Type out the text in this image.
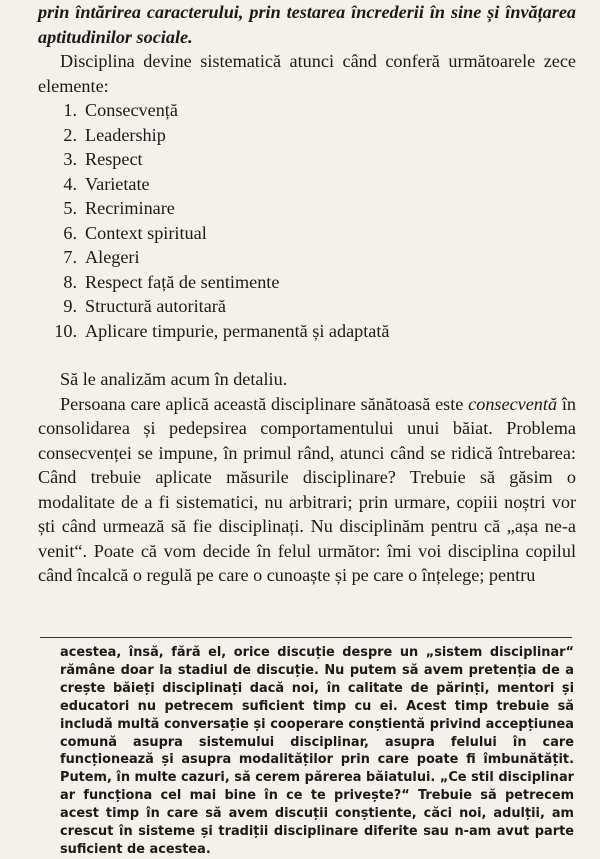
prin întărirea caracterului, prin testarea încrederii în sine și învățarea aptitudinilor sociale.

Disciplina devine sistematică atunci când conferă următoarele zece elemente:

1. Consecvență
2. Leadership
3. Respect
4. Varietate
5. Recriminare
6. Context spiritual
7. Alegeri
8. Respect față de sentimente
9. Structură autoritară
10. Aplicare timpurie, permanentă și adaptată

Să le analizăm acum în detaliu.

Persoana care aplică această disciplinare sănătoasă este consecventă în consolidarea și pedepsirea comportamentului unui băiat. Problema consecvenței se impune, în primul rând, atunci când se ridică întrebarea: Când trebuie aplicate măsurile disciplinare? Trebuie să găsim o modalitate de a fi sistematici, nu arbitrari; prin urmare, copiii noștri vor ști când urmează să fie disciplinați. Nu disciplinăm pentru că „așa ne-a venit“. Poate că vom decide în felul următor: îmi voi disciplina copilul când încalcă o regulă pe care o cunoaște și pe care o înțelege; pentru

acestea, însă, fără el, orice discuție despre un „sistem disciplinar“ rămâne doar la stadiul de discuție. Nu putem să avem pretenția de a crește băieți disciplinați dacă noi, în calitate de părinți, mentori și educatori nu petrecem suficient timp cu ei. Acest timp trebuie să includă multă conversație și cooperare conștientă privind accepțiunea comună asupra sistemului disciplinar, asupra felului în care funcționează și asupra modalităților prin care poate fi îmbunătățit. Putem, în multe cazuri, să cerem părerea băiatului. „Ce stil disciplinar ar funcționa cel mai bine în ce te privește?“ Trebuie să petrecem acest timp în care să avem discuții conștiente, căci noi, adulții, am crescut în sisteme și tradiții disciplinare diferite sau n-am avut parte suficient de acestea.
